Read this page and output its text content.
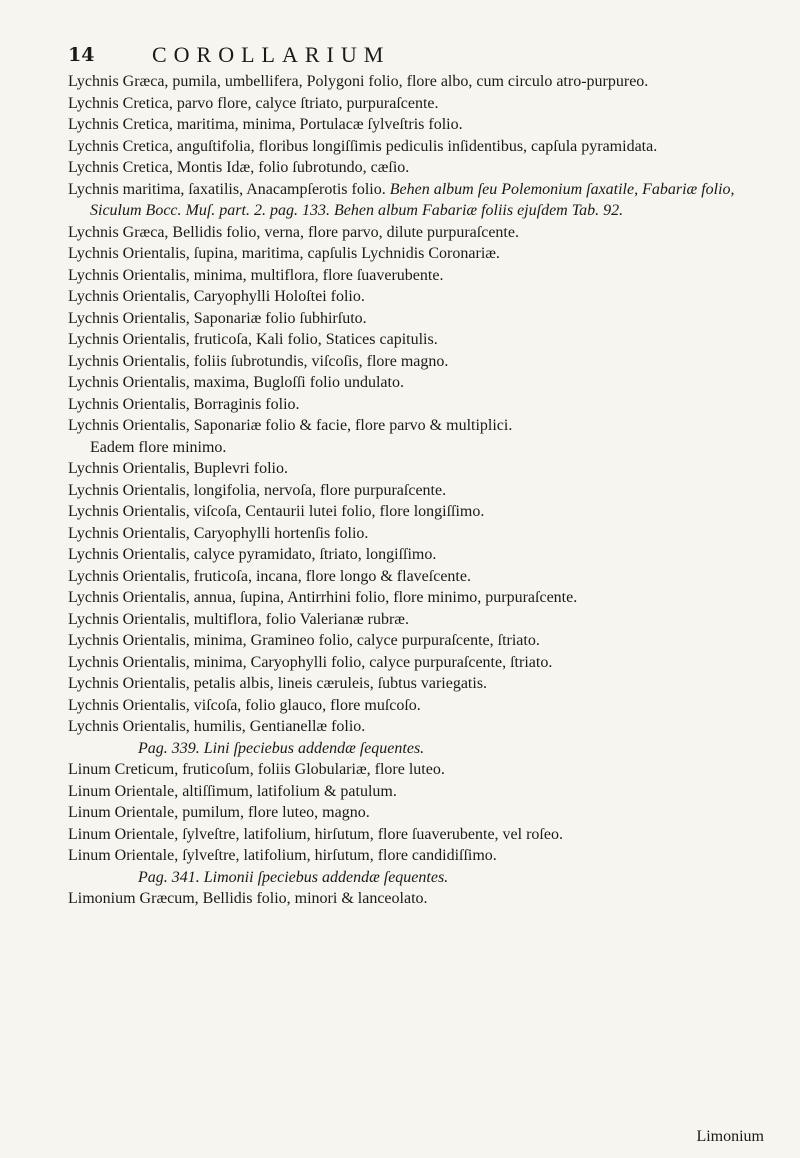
14	COROLLARIUM

Lychnis Græca, pumila, umbellifera, Polygoni folio, flore albo, cum circulo atro-purpureo.

Lychnis Cretica, parvo flore, calyce ſtriato, purpuraſcente.

Lychnis Cretica, maritima, minima, Portulacæ ſylveſtris folio.

Lychnis Cretica, anguſtifolia, floribus longiſſimis pediculis inſidentibus, capſula pyramidata.

Lychnis Cretica, Montis Idæ, folio ſubrotundo, cæſio.

Lychnis maritima, ſaxatilis, Anacampſerotis folio. Behen album ſeu Polemonium ſaxatile, Fabariæ folio, Siculum Bocc. Muſ. part. 2. pag. 133. Behen album Fabariæ foliis ejuſdem Tab. 92.

Lychnis Græca, Bellidis folio, verna, flore parvo, dilute purpuraſcente.

Lychnis Orientalis, ſupina, maritima, capſulis Lychnidis Coronariæ.

Lychnis Orientalis, minima, multiflora, flore ſuaverubente.

Lychnis Orientalis, Caryophylli Holoſtei folio.

Lychnis Orientalis, Saponariæ folio ſubhirſuto.

Lychnis Orientalis, fruticoſa, Kali folio, Statices capitulis.

Lychnis Orientalis, foliis ſubrotundis, viſcoſis, flore magno.

Lychnis Orientalis, maxima, Bugloſſi folio undulato.

Lychnis Orientalis, Borraginis folio.

Lychnis Orientalis, Saponariæ folio & facie, flore parvo & multiplici.

Eadem flore minimo.

Lychnis Orientalis, Buplevri folio.

Lychnis Orientalis, longifolia, nervoſa, flore purpuraſcente.

Lychnis Orientalis, viſcoſa, Centaurii lutei folio, flore longiſſimo.

Lychnis Orientalis, Caryophylli hortenſis folio.

Lychnis Orientalis, calyce pyramidato, ſtriato, longiſſimo.

Lychnis Orientalis, fruticoſa, incana, flore longo & flaveſcente.

Lychnis Orientalis, annua, ſupina, Antirrhini folio, flore minimo, purpuraſcente.

Lychnis Orientalis, multiflora, folio Valerianæ rubræ.

Lychnis Orientalis, minima, Gramineo folio, calyce purpuraſcente, ſtriato.

Lychnis Orientalis, minima, Caryophylli folio, calyce purpuraſcente, ſtriato.

Lychnis Orientalis, petalis albis, lineis cæruleis, ſubtus variegatis.

Lychnis Orientalis, viſcoſa, folio glauco, flore muſcoſo.

Lychnis Orientalis, humilis, Gentianellæ folio.

Pag. 339. Lini ſpeciebus addendæ ſequentes.

Linum Creticum, fruticoſum, foliis Globulariæ, flore luteo.

Linum Orientale, altiſſimum, latifolium & patulum.

Linum Orientale, pumilum, flore luteo, magno.

Linum Orientale, ſylveſtre, latifolium, hirſutum, flore ſuaverubente, vel roſeo.

Linum Orientale, ſylveſtre, latifolium, hirſutum, flore candidiſſimo.

Pag. 341. Limonii ſpeciebus addendæ ſequentes.

Limonium Græcum, Bellidis folio, minori & lanceolato.

Limonium
